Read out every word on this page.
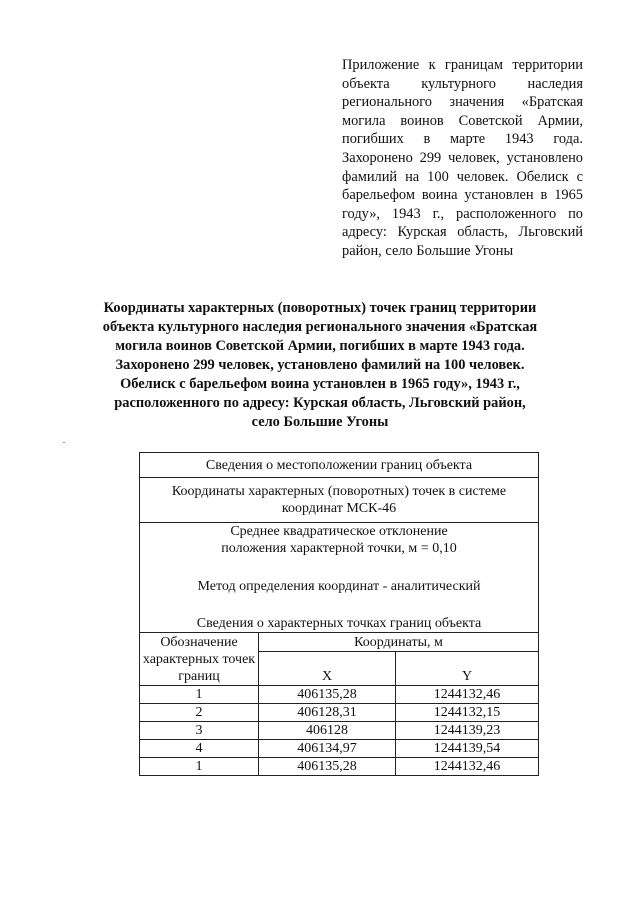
Приложение к границам территории объекта культурного наследия регионального значения «Братская могила воинов Советской Армии, погибших в марте 1943 года. Захоронено 299 человек, установлено фамилий на 100 человек. Обелиск с барельефом воина установлен в 1965 году», 1943 г., расположенного по адресу: Курская область, Льговский район, село Большие Угоны
Координаты характерных (поворотных) точек границ территории объекта культурного наследия регионального значения «Братская могила воинов Советской Армии, погибших в марте 1943 года. Захоронено 299 человек, установлено фамилий на 100 человек. Обелиск с барельефом воина установлен в 1965 году», 1943 г., расположенного по адресу: Курская область, Льговский район, село Большие Угоны
Сведения о местоположении границ объекта		
Координаты характерных (поворотных) точек в системе координат МСК-46		

Среднее квадратическое отклонение

положения характерной точки, м = 0,10

Метод определения координат - аналитический

Сведения о характерных точках границ объекта		

Обозначение характерных точек границ	Координаты, м	
	X	Y
1	406135,28	1244132,46
2	406128,31	1244132,15
3	406128	1244139,23
4	406134,97	1244139,54
1	406135,28	1244132,46
